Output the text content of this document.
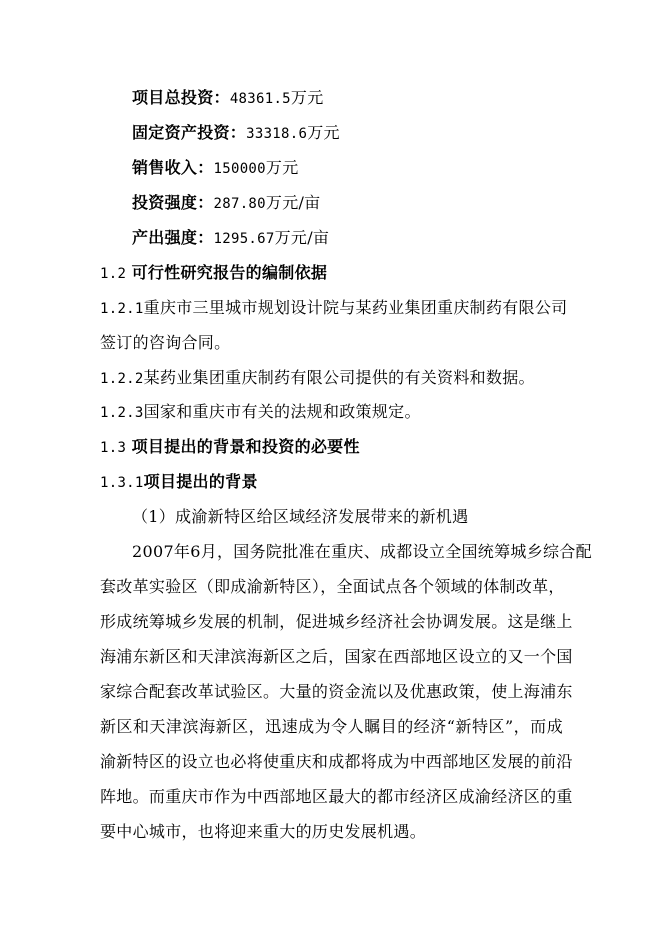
项目总投资：48361.5万元
固定资产投资：33318.6万元
销售收入：150000万元
投资强度：287.80万元/亩
产出强度：1295.67万元/亩
1.2 可行性研究报告的编制依据
1.2.1重庆市三里城市规划设计院与某药业集团重庆制药有限公司
签订的咨询合同。
1.2.2某药业集团重庆制药有限公司提供的有关资料和数据。
1.2.3国家和重庆市有关的法规和政策规定。
1.3 项目提出的背景和投资的必要性
1.3.1项目提出的背景
（1）成渝新特区给区域经济发展带来的新机遇
2007年6月，国务院批准在重庆、成都设立全国统筹城乡综合配
套改革实验区（即成渝新特区），全面试点各个领域的体制改革，
形成统筹城乡发展的机制，促进城乡经济社会协调发展。这是继上
海浦东新区和天津滨海新区之后，国家在西部地区设立的又一个国
家综合配套改革试验区。大量的资金流以及优惠政策，使上海浦东
新区和天津滨海新区，迅速成为令人瞩目的经济“新特区”，而成
渝新特区的设立也必将使重庆和成都将成为中西部地区发展的前沿
阵地。而重庆市作为中西部地区最大的都市经济区成渝经济区的重
要中心城市，也将迎来重大的历史发展机遇。
